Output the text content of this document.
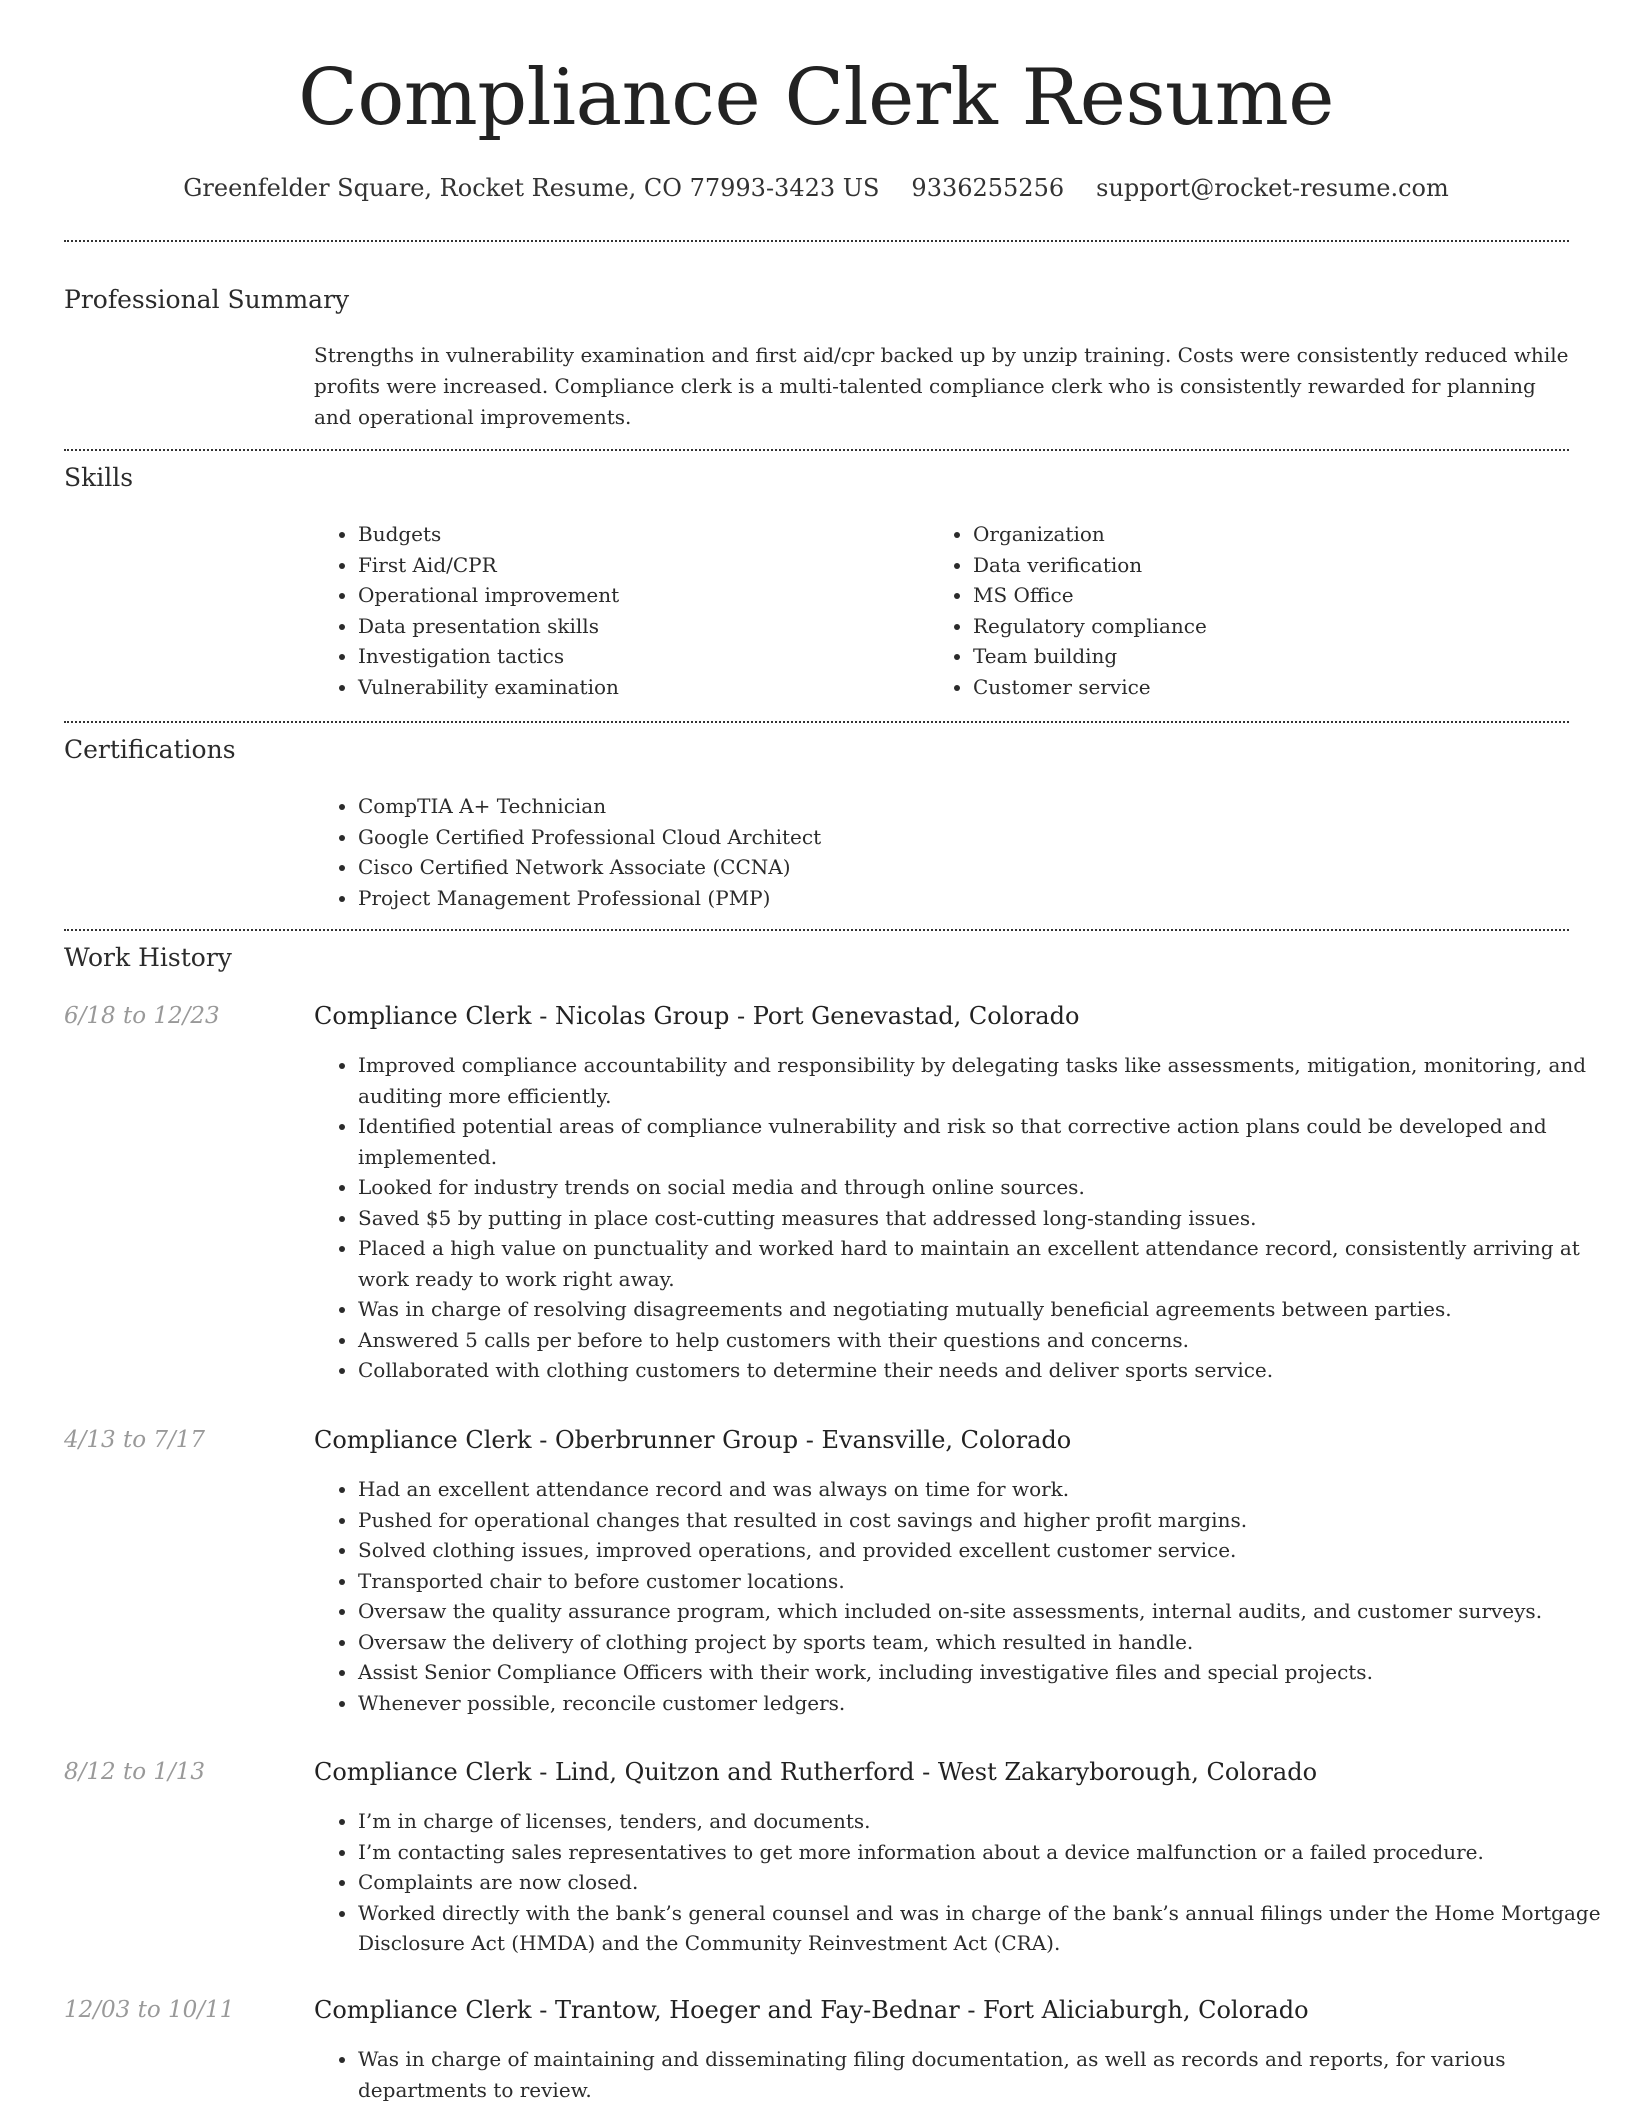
Compliance Clerk Resume
Greenfelder Square, Rocket Resume, CO 77993-3423 US 9336255256 support@rocket-resume.com
Professional Summary

Strengths in vulnerability examination and first aid/cpr backed up by unzip training. Costs were consistently reduced while profits were increased. Compliance clerk is a multi-talented compliance clerk who is consistently rewarded for planning and operational improvements.

Skills
• Budgets
• First Aid/CPR
• Operational improvement
• Data presentation skills
• Investigation tactics
• Vulnerability examination
• Organization
• Data verification
• MS Office
• Regulatory compliance
• Team building
• Customer service
Certifications
• CompTIA A+ Technician
• Google Certified Professional Cloud Architect
• Cisco Certified Network Associate (CCNA)
• Project Management Professional (PMP)
Work History
6/18 to 12/23	Compliance Clerk - Nicolas Group - Port Genevastad, Colorado
• Improved compliance accountability and responsibility by delegating tasks like assessments, mitigation, monitoring, and auditing more efficiently.
• Identified potential areas of compliance vulnerability and risk so that corrective action plans could be developed and implemented.
• Looked for industry trends on social media and through online sources.
• Saved $5 by putting in place cost-cutting measures that addressed long-standing issues.
• Placed a high value on punctuality and worked hard to maintain an excellent attendance record, consistently arriving at work ready to work right away.
• Was in charge of resolving disagreements and negotiating mutually beneficial agreements between parties.
• Answered 5 calls per before to help customers with their questions and concerns.
• Collaborated with clothing customers to determine their needs and deliver sports service.
4/13 to 7/17	Compliance Clerk - Oberbrunner Group - Evansville, Colorado
• Had an excellent attendance record and was always on time for work.
• Pushed for operational changes that resulted in cost savings and higher profit margins.
• Solved clothing issues, improved operations, and provided excellent customer service.
• Transported chair to before customer locations.
• Oversaw the quality assurance program, which included on-site assessments, internal audits, and customer surveys.
• Oversaw the delivery of clothing project by sports team, which resulted in handle.
• Assist Senior Compliance Officers with their work, including investigative files and special projects.
• Whenever possible, reconcile customer ledgers.
8/12 to 1/13	Compliance Clerk - Lind, Quitzon and Rutherford - West Zakaryborough, Colorado
• I’m in charge of licenses, tenders, and documents.
• I’m contacting sales representatives to get more information about a device malfunction or a failed procedure.
• Complaints are now closed.
• Worked directly with the bank’s general counsel and was in charge of the bank’s annual filings under the Home Mortgage Disclosure Act (HMDA) and the Community Reinvestment Act (CRA).
12/03 to 10/11	Compliance Clerk - Trantow, Hoeger and Fay-Bednar - Fort Aliciaburgh, Colorado
• Was in charge of maintaining and disseminating filing documentation, as well as records and reports, for various departments to review.
